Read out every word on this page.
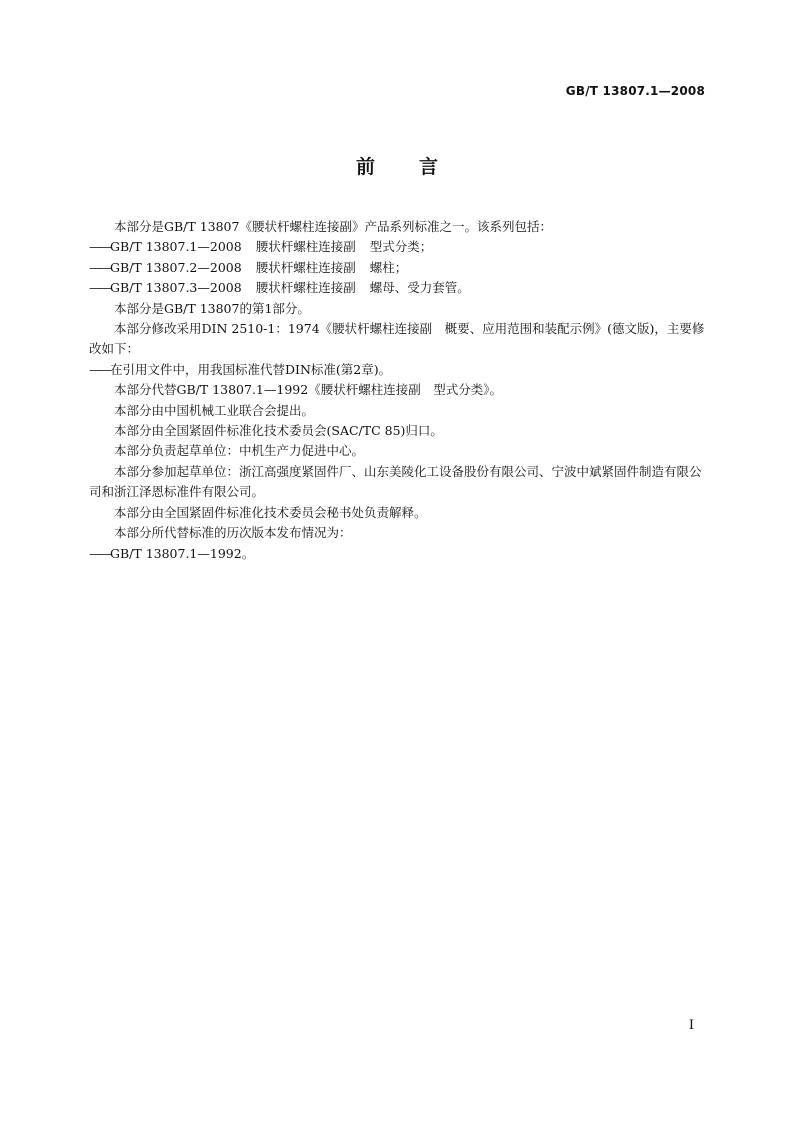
GB/T 13807.1—2008
前 言

本部分是GB/T 13807《腰状杆螺柱连接副》产品系列标准之一。该系列包括：

——GB/T 13807.1—2008 腰状杆螺柱连接副 型式分类；

——GB/T 13807.2—2008 腰状杆螺柱连接副 螺柱；

——GB/T 13807.3—2008 腰状杆螺柱连接副 螺母、受力套管。

本部分是GB/T 13807的第1部分。

本部分修改采用DIN 2510-1：1974《腰状杆螺柱连接副　概要、应用范围和装配示例》(德文版)，主要修改如下：

——在引用文件中，用我国标准代替DIN标准(第2章)。

本部分代替GB/T 13807.1—1992《腰状杆螺柱连接副　型式分类》。

本部分由中国机械工业联合会提出。

本部分由全国紧固件标准化技术委员会(SAC/TC 85)归口。

本部分负责起草单位：中机生产力促进中心。

本部分参加起草单位：浙江高强度紧固件厂、山东美陵化工设备股份有限公司、宁波中斌紧固件制造有限公司和浙江泽恩标准件有限公司。

本部分由全国紧固件标准化技术委员会秘书处负责解释。

本部分所代替标准的历次版本发布情况为：

——GB/T 13807.1—1992。

I
